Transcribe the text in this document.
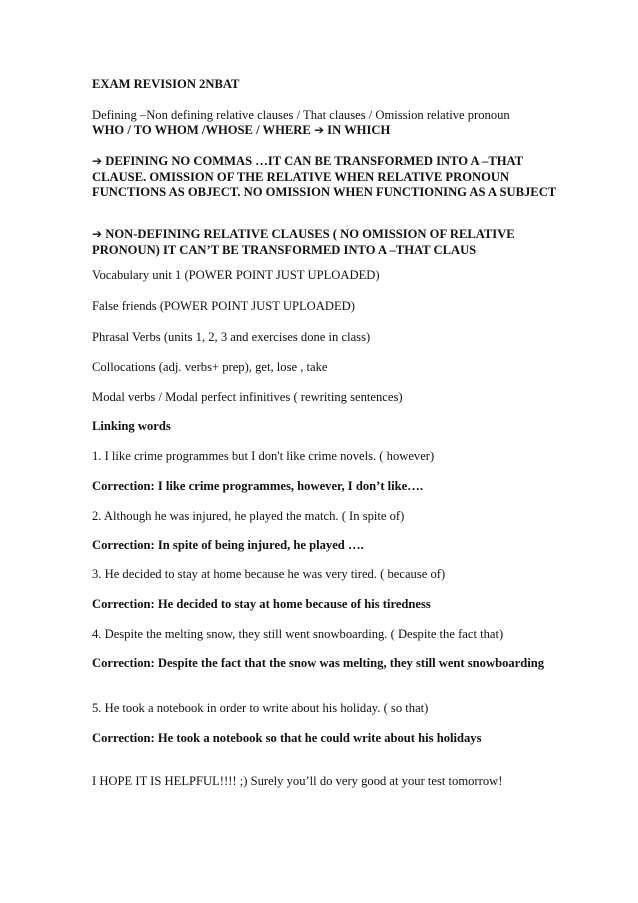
EXAM REVISION 2NBAT

Defining –Non defining relative clauses / That clauses / Omission relative pronoun

WHO / TO WHOM /WHOSE / WHERE ➔ IN WHICH

➔ DEFINING NO COMMAS …IT CAN BE TRANSFORMED INTO A –THAT CLAUSE. OMISSION OF THE RELATIVE WHEN RELATIVE PRONOUN FUNCTIONS AS OBJECT. NO OMISSION WHEN FUNCTIONING AS A SUBJECT

➔ NON-DEFINING RELATIVE CLAUSES ( NO OMISSION OF RELATIVE PRONOUN) IT CAN’T BE TRANSFORMED INTO A –THAT CLAUS

Vocabulary unit 1 (POWER POINT JUST UPLOADED)

False friends (POWER POINT JUST UPLOADED)

Phrasal Verbs (units 1, 2, 3 and exercises done in class)

Collocations (adj. verbs+ prep), get, lose , take

Modal verbs / Modal perfect infinitives ( rewriting sentences)

Linking words

1. I like crime programmes but I don't like crime novels. ( however)

Correction: I like crime programmes, however, I don’t like….

2. Although he was injured, he played the match. ( In spite of)

Correction: In spite of being injured, he played ….

3. He decided to stay at home because he was very tired. ( because of)

Correction: He decided to stay at home because of his tiredness

4. Despite the melting snow, they still went snowboarding. ( Despite the fact that)

Correction: Despite the fact that the snow was melting, they still went snowboarding

5. He took a notebook in order to write about his holiday. ( so that)

Correction: He took a notebook so that he could write about his holidays

I HOPE IT IS HELPFUL!!!! ;) Surely you’ll do very good at your test tomorrow!
